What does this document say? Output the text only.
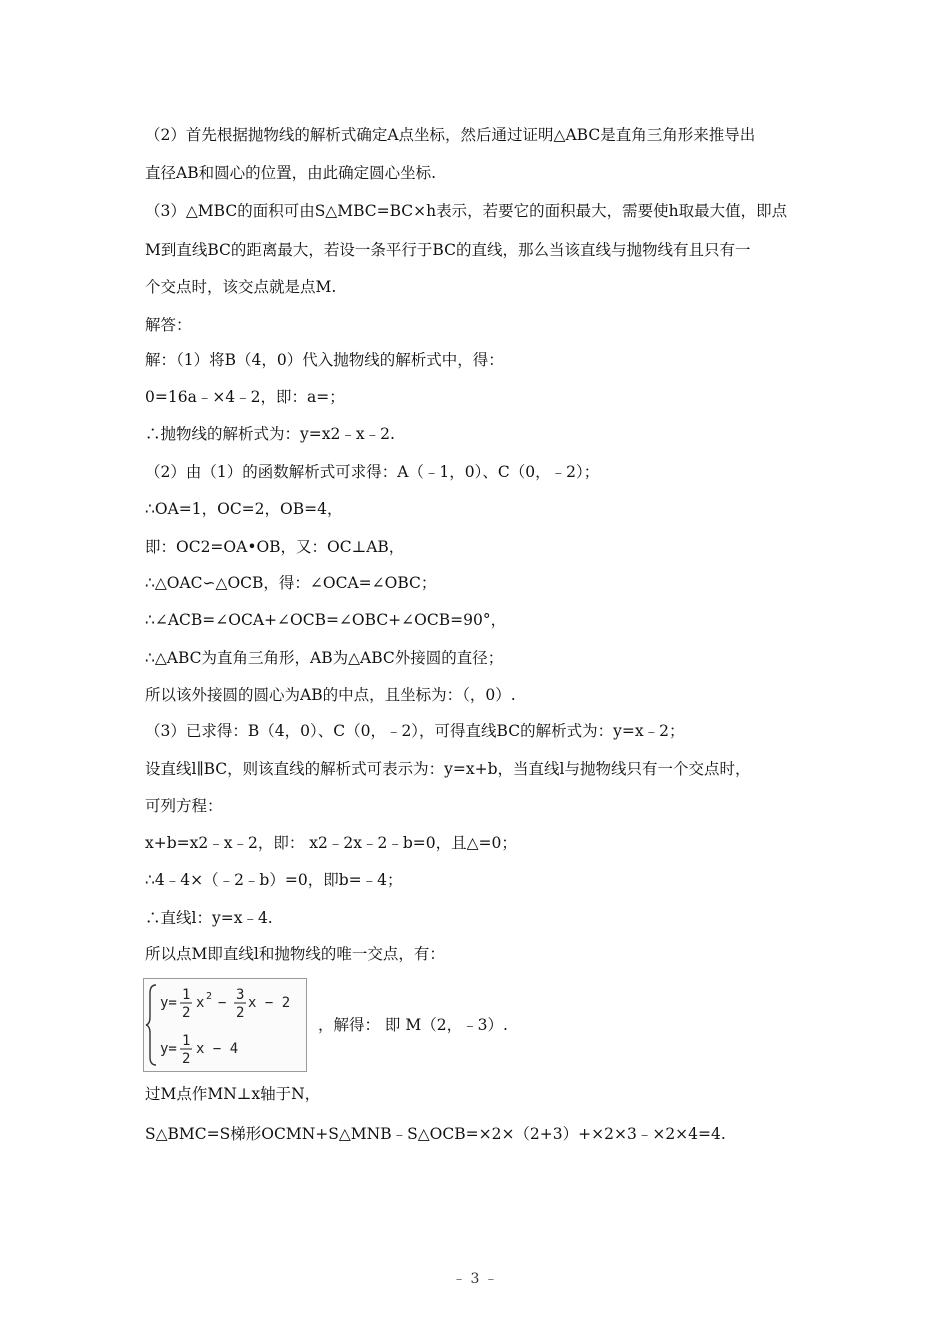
（2）首先根据抛物线的解析式确定A点坐标，然后通过证明△ABC是直角三角形来推导出
直径AB和圆心的位置，由此确定圆心坐标.
（3）△MBC的面积可由S△MBC=BC×h表示，若要它的面积最大，需要使h取最大值，即点
M到直线BC的距离最大，若设一条平行于BC的直线，那么当该直线与抛物线有且只有一
个交点时，该交点就是点M.
解答：
解：（1）将B（4，0）代入抛物线的解析式中，得：
0=16a﹣×4﹣2，即：a=；
∴抛物线的解析式为：y=x2﹣x﹣2.
（2）由（1）的函数解析式可求得：A（﹣1，0）、C（0，﹣2）；
∴OA=1，OC=2，OB=4，
即：OC2=OA•OB，又：OC⊥AB，
∴△OAC∽△OCB，得：∠OCA=∠OBC；
∴∠ACB=∠OCA+∠OCB=∠OBC+∠OCB=90°，
∴△ABC为直角三角形，AB为△ABC外接圆的直径；
所以该外接圆的圆心为AB的中点，且坐标为：（，0）.
（3）已求得：B（4，0）、C（0，﹣2），可得直线BC的解析式为：y=x﹣2；
设直线l∥BC，则该直线的解析式可表示为：y=x+b，当直线l与抛物线只有一个交点时，
可列方程：
x+b=x2﹣x﹣2，即： x2﹣2x﹣2﹣b=0，且△=0；
∴4﹣4×（﹣2﹣b）=0，即b=﹣4；
∴直线l：y=x﹣4.
所以点M即直线l和抛物线的唯一交点，有：
y= 1
2
x 2 − 3
2
x − 2
y= 1
2
x − 4
，解得： 即 M（2，﹣3）.
过M点作MN⊥x轴于N，
S△BMC=S梯形OCMN+S△MNB﹣S△OCB=×2×（2+3）+×2×3﹣×2×4=4.
﹣ 3 ﹣
